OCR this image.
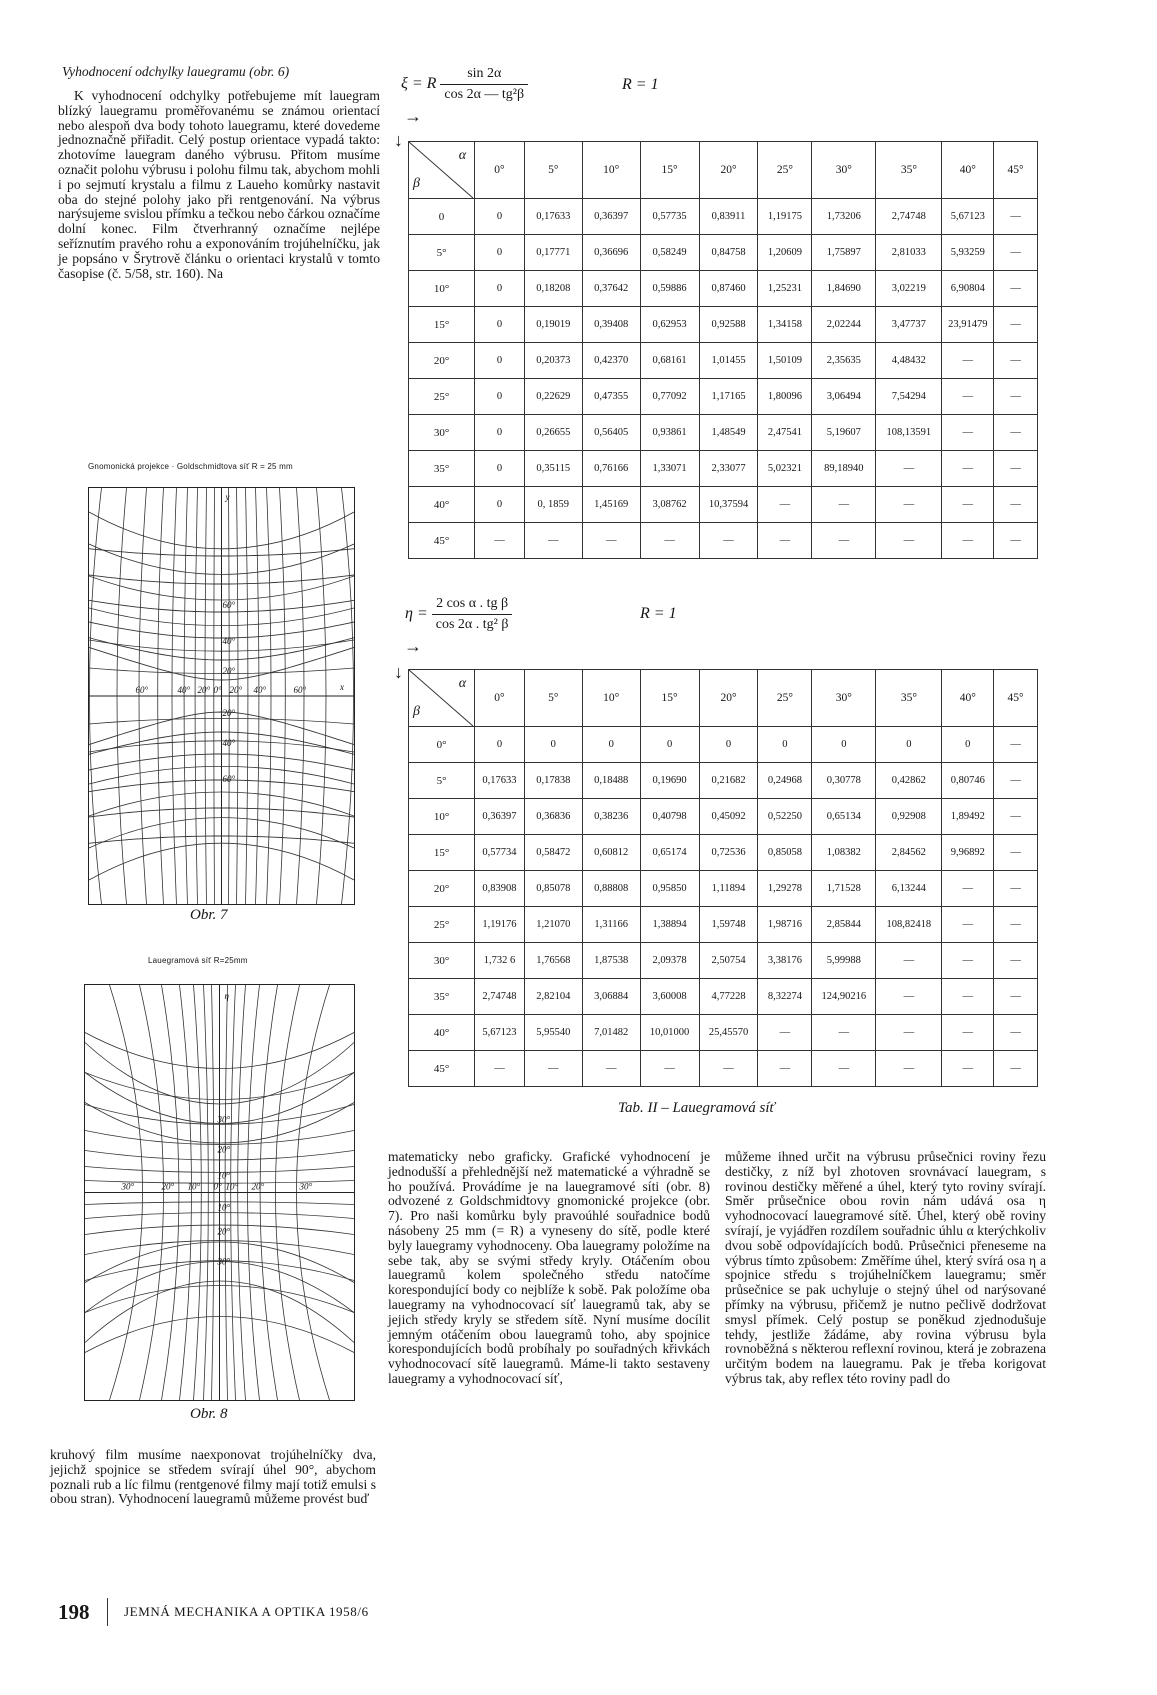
Vyhodnocení odchylky lauegramu (obr. 6)

K vyhodnocení odchylky potřebujeme mít lauegram blízký lauegramu proměřovanému se známou orientací nebo alespoň dva body tohoto lauegramu, které dovedeme jednoznačně přiřadit. Celý postup orientace vypadá takto: zhotovíme lauegram daného výbrusu. Přitom musíme označit polohu výbrusu i polohu filmu tak, abychom mohli i po sejmutí krystalu a filmu z Laueho komůrky nastavit oba do stejné polohy jako při rentgenování. Na výbrus narýsujeme svislou přímku a tečkou nebo čárkou označíme dolní konec. Film čtverhranný označíme nejlépe seříznutím pravého rohu a exponováním trojúhelníčku, jak je popsáno v Šrytrově článku o orientaci krystalů v tomto časopise (č. 5/58, str. 160). Na

Gnomonická projekce · Goldschmidtova síť R = 25 mm
60°	40° 20° 0° 20° 40°	60°
60°
40°
20°
20°
40°
60°
x
y
Obr. 7
Lauegramová síť R=25mm
30°	20° 10° 0° 10° 20°	30°
30°
20°
10°
10°
20°
30°
η
Obr. 8

kruhový film musíme naexponovat trojúhelníčky dva, jejichž spojnice se středem svírají úhel 90°, abychom poznali rub a líc filmu (rentgenové filmy mají totiž emulsi s obou stran). Vyhodnocení lauegramů můžeme provést buď

ξ = R $\frac{\sin 2\alpha}{\text{cos 2α — tg²β}}$	R = 1
→
↓
α
β	0°	5°	10°	15°	20°	25°	30°	35°	40°	45°
0	0	0,17633	0,36397	0,57735	0,83911	1,19175	1,73206	2,74748	5,67123	—
5°	0	0,17771	0,36696	0,58249	0,84758	1,20609	1,75897	2,81033	5,93259	—
10°	0	0,18208	0,37642	0,59886	0,87460	1,25231	1,84690	3,02219	6,90804	—
15°	0	0,19019	0,39408	0,62953	0,92588	1,34158	2,02244	3,47737	23,91479	—
20°	0	0,20373	0,42370	0,68161	1,01455	1,50109	2,35635	4,48432	—	—
25°	0	0,22629	0,47355	0,77092	1,17165	1,80096	3,06494	7,54294	—	—
30°	0	0,26655	0,56405	0,93861	1,48549	2,47541	5,19607	108,13591	—	—
35°	0	0,35115	0,76166	1,33071	2,33077	5,02321	89,18940	—	—	—
40°	0	0, 1859	1,45169	3,08762	10,37594	—	—	—	—	—
45°	—	—	—	—	—	—	—	—	—	—
$\eta = \frac{\text{2 cos α . tg β}}{\text{cos 2α . tg² β}}$	R = 1
→
↓
α
β	0°	5°	10°	15°	20°	25°	30°	35°	40°	45°
0°	0	0	0	0	0	0	0	0	0	—
5°	0,17633	0,17838	0,18488	0,19690	0,21682	0,24968	0,30778	0,42862	0,80746	—
10°	0,36397	0,36836	0,38236	0,40798	0,45092	0,52250	0,65134	0,92908	1,89492	—
15°	0,57734	0,58472	0,60812	0,65174	0,72536	0,85058	1,08382	2,84562	9,96892	—
20°	0,83908	0,85078	0,88808	0,95850	1,11894	1,29278	1,71528	6,13244	—	—
25°	1,19176	1,21070	1,31166	1,38894	1,59748	1,98716	2,85844	108,82418	—	—
30°	1,732 6	1,76568	1,87538	2,09378	2,50754	3,38176	5,99988	—	—	—
35°	2,74748	2,82104	3,06884	3,60008	4,77228	8,32274	124,90216	—	—	—
40°	5,67123	5,95540	7,01482	10,01000	25,45570	—	—	—	—	—
45°	—	—	—	—	—	—	—	—	—	—
Tab. II – Lauegramová síť

matematicky nebo graficky. Grafické vyhodnocení je jednodušší a přehlednější než matematické a výhradně se ho používá. Provádíme je na lauegramové síti (obr. 8) odvozené z Goldschmidtovy gnomonické projekce (obr. 7). Pro naši komůrku byly pravoúhlé souřadnice bodů násobeny 25 mm (= R) a vyneseny do sítě, podle které byly lauegramy vyhodnoceny. Oba lauegramy položíme na sebe tak, aby se svými středy kryly. Otáčením obou lauegramů kolem společného středu natočíme korespondující body co nejblíže k sobě. Pak položíme oba lauegramy na vyhodnocovací síť lauegramů tak, aby se jejich středy kryly se středem sítě. Nyní musíme docílit jemným otáčením obou lauegramů toho, aby spojnice korespondujících bodů probíhaly po souřadných křivkách vyhodnocovací sítě lauegramů. Máme-li takto sestaveny lauegramy a vyhodnocovací síť,

můžeme ihned určit na výbrusu průsečnici roviny řezu destičky, z níž byl zhotoven srovnávací lauegram, s rovinou destičky měřené a úhel, který tyto roviny svírají. Směr průsečnice obou rovin nám udává osa η vyhodnocovací lauegramové sítě. Úhel, který obě roviny svírají, je vyjádřen rozdílem souřadnic úhlu α kterýchkoliv dvou sobě odpovídajících bodů. Průsečnici přeneseme na výbrus tímto způsobem: Změříme úhel, který svírá osa η a spojnice středu s trojúhelníčkem lauegramu; směr průsečnice se pak uchyluje o stejný úhel od narýsované přímky na výbrusu, přičemž je nutno pečlivě dodržovat smysl přímek. Celý postup se poněkud zjednodušuje tehdy, jestliže žádáme, aby rovina výbrusu byla rovnoběžná s některou reflexní rovinou, která je zobrazena určitým bodem na lauegramu. Pak je třeba korigovat výbrus tak, aby reflex této roviny padl do

198	JEMNÁ MECHANIKA A OPTIKA 1958/6
